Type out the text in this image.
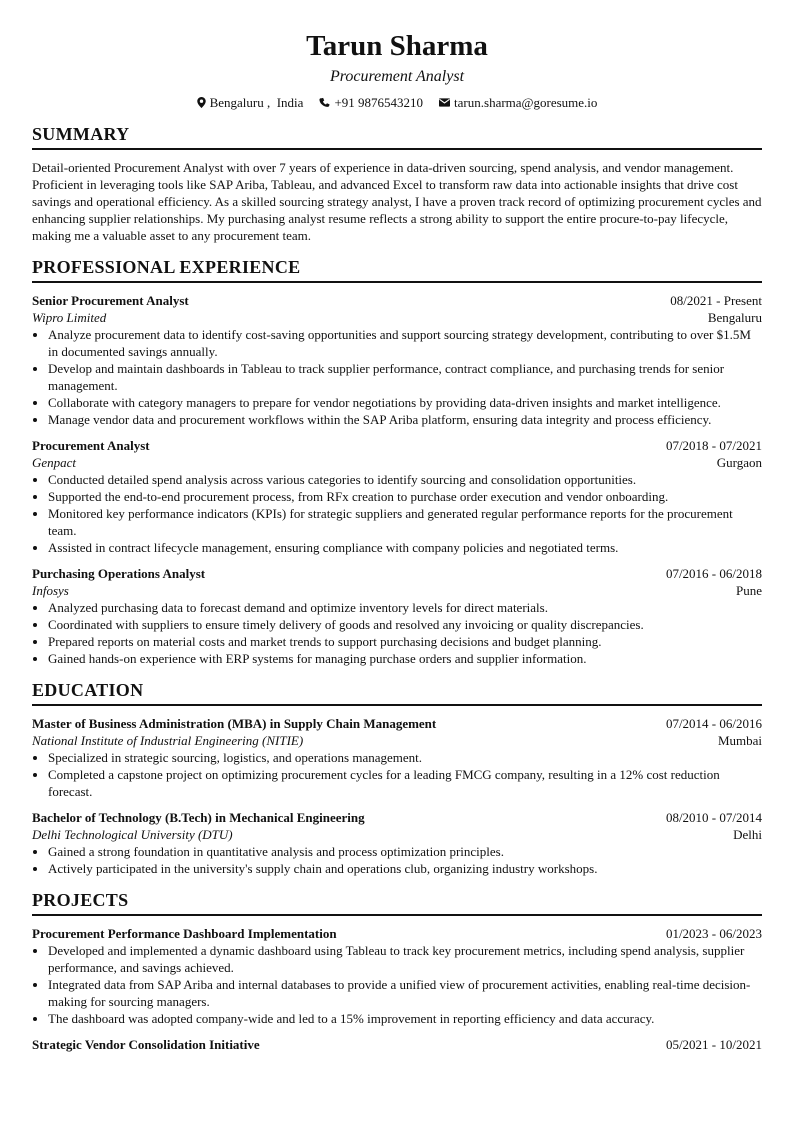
Tarun Sharma
Procurement Analyst
Bengaluru ,  India +91 9876543210 tarun.sharma@goresume.io
SUMMARY

Detail-oriented Procurement Analyst with over 7 years of experience in data-driven sourcing, spend analysis, and vendor management. Proficient in leveraging tools like SAP Ariba, Tableau, and advanced Excel to transform raw data into actionable insights that drive cost savings and operational efficiency. As a skilled sourcing strategy analyst, I have a proven track record of optimizing procurement cycles and enhancing supplier relationships. My purchasing analyst resume reflects a strong ability to support the entire procure-to-pay lifecycle, making me a valuable asset to any procurement team.

PROFESSIONAL EXPERIENCE
Senior Procurement Analyst	08/2021 - Present
Wipro Limited	Bengaluru
• Analyze procurement data to identify cost-saving opportunities and support sourcing strategy development, contributing to over $1.5M in documented savings annually.
• Develop and maintain dashboards in Tableau to track supplier performance, contract compliance, and purchasing trends for senior management.
• Collaborate with category managers to prepare for vendor negotiations by providing data-driven insights and market intelligence.
• Manage vendor data and procurement workflows within the SAP Ariba platform, ensuring data integrity and process efficiency.
Procurement Analyst	07/2018 - 07/2021
Genpact	Gurgaon
• Conducted detailed spend analysis across various categories to identify sourcing and consolidation opportunities.
• Supported the end-to-end procurement process, from RFx creation to purchase order execution and vendor onboarding.
• Monitored key performance indicators (KPIs) for strategic suppliers and generated regular performance reports for the procurement team.
• Assisted in contract lifecycle management, ensuring compliance with company policies and negotiated terms.
Purchasing Operations Analyst	07/2016 - 06/2018
Infosys	Pune
• Analyzed purchasing data to forecast demand and optimize inventory levels for direct materials.
• Coordinated with suppliers to ensure timely delivery of goods and resolved any invoicing or quality discrepancies.
• Prepared reports on material costs and market trends to support purchasing decisions and budget planning.
• Gained hands-on experience with ERP systems for managing purchase orders and supplier information.
EDUCATION
Master of Business Administration (MBA) in Supply Chain Management	07/2014 - 06/2016
National Institute of Industrial Engineering (NITIE)	Mumbai
• Specialized in strategic sourcing, logistics, and operations management.
• Completed a capstone project on optimizing procurement cycles for a leading FMCG company, resulting in a 12% cost reduction forecast.
Bachelor of Technology (B.Tech) in Mechanical Engineering	08/2010 - 07/2014
Delhi Technological University (DTU)	Delhi
• Gained a strong foundation in quantitative analysis and process optimization principles.
• Actively participated in the university's supply chain and operations club, organizing industry workshops.
PROJECTS
Procurement Performance Dashboard Implementation	01/2023 - 06/2023
• Developed and implemented a dynamic dashboard using Tableau to track key procurement metrics, including spend analysis, supplier performance, and savings achieved.
• Integrated data from SAP Ariba and internal databases to provide a unified view of procurement activities, enabling real-time decision-making for sourcing managers.
• The dashboard was adopted company-wide and led to a 15% improvement in reporting efficiency and data accuracy.
Strategic Vendor Consolidation Initiative	05/2021 - 10/2021
